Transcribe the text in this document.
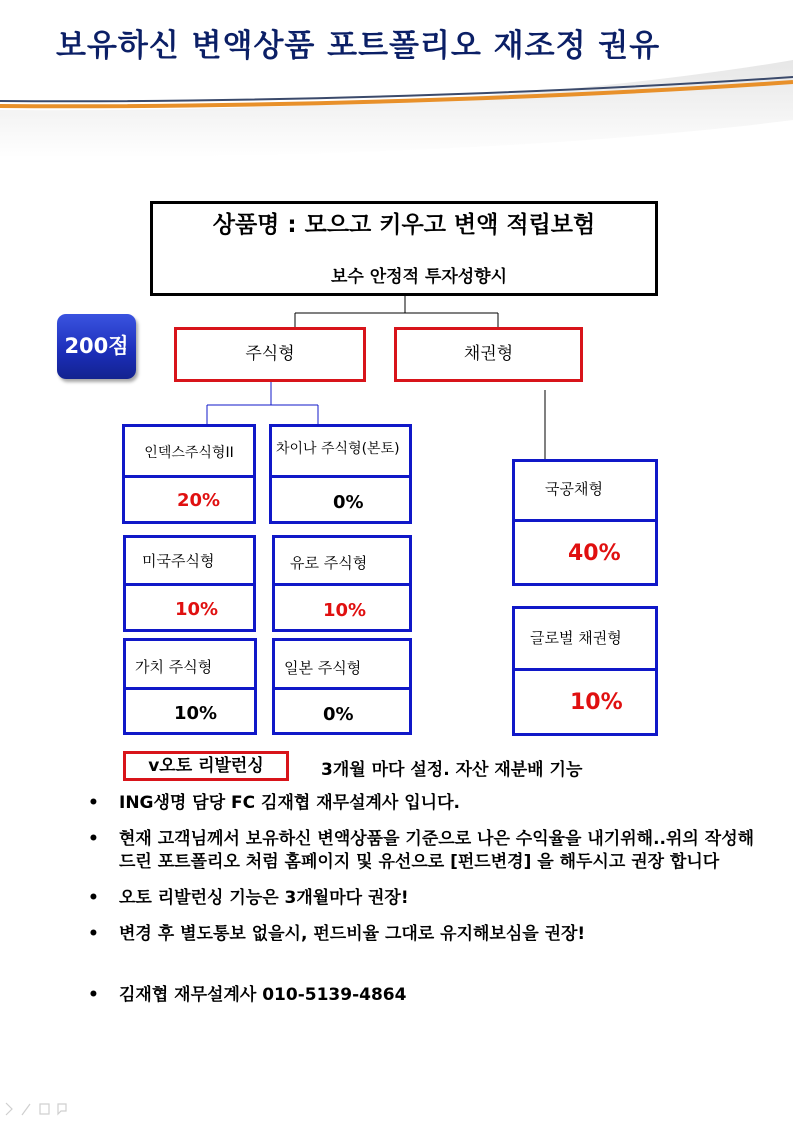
보유하신 변액상품 포트폴리오 재조정 권유
상품명 : 모으고 키우고 변액 적립보험
보수 안정적 투자성향시
200점	주식형	채권형
인덱스주식형II
20%
차이나 주식형(본토)
0%
미국주식형
10%
유로 주식형
10%
가치 주식형
10%
일본 주식형
0%
국공채형
40%
글로벌 채권형
10%
v오토 리발런싱	3개월 마다 설정. 자산 재분배 기능
• ING생명 담당 FC 김재협 재무설계사 입니다.
• 현재 고객님께서 보유하신 변액상품을 기준으로 나은 수익율을 내기위해..위의 작성해드린 포트폴리오 처럼 홈페이지 및 유선으로 [펀드변경] 을 해두시고 권장 합니다
• 오토 리발런싱 기능은 3개월마다 권장!
• 변경 후 별도통보 없을시, 펀드비율 그대로 유지해보심을 권장!
• 김재협 재무설계사 010-5139-4864
